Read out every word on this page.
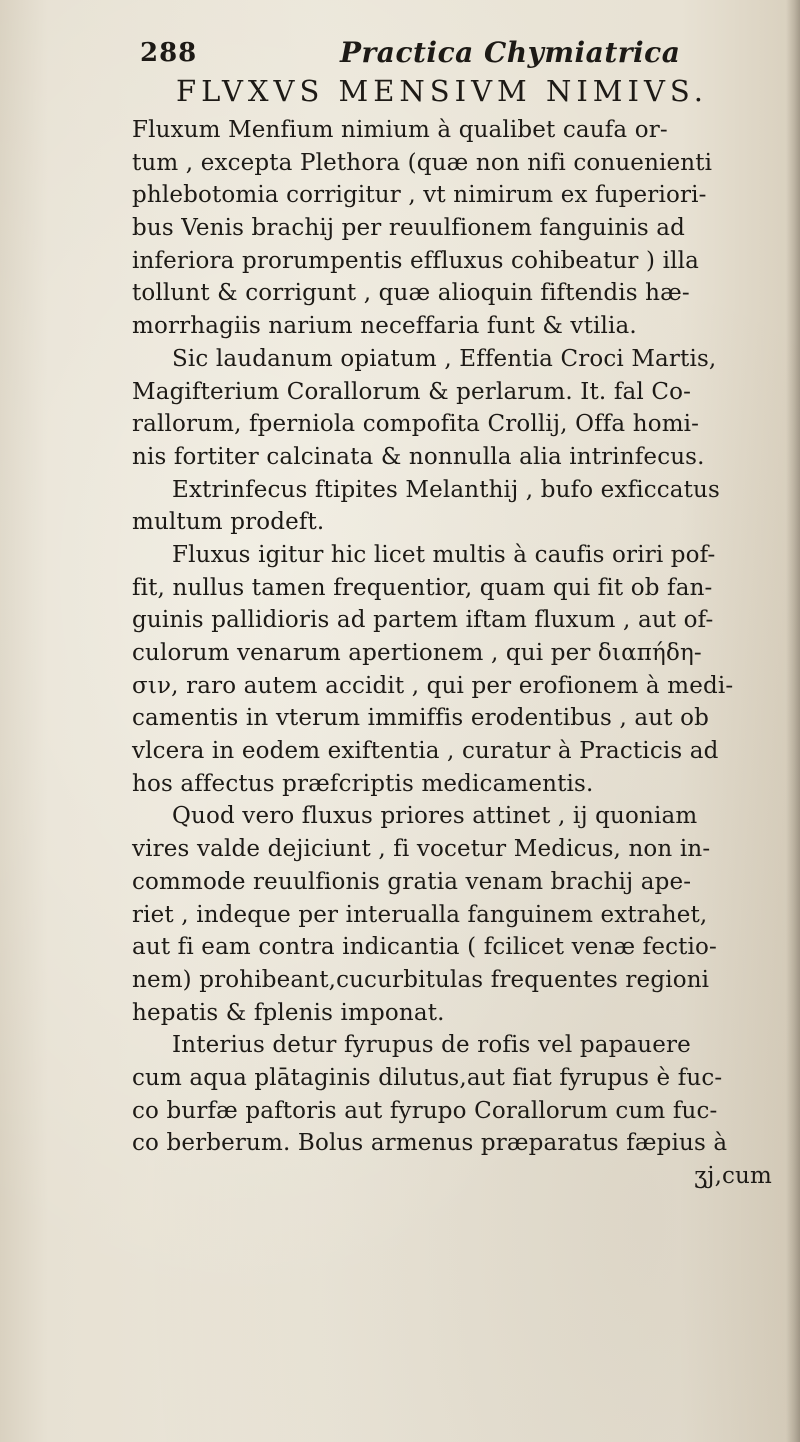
288	Practica Chymiatrica
FLVXVS MENSIVM NIMIVS.
Fluxum Menfium nimium à qualibet caufa or-
tum , excepta Plethora (quæ non nifi conuenienti
phlebotomia corrigitur , vt nimirum ex fuperiori-
bus Venis brachij per reuulfionem fanguinis ad
inferiora prorumpentis effluxus cohibeatur ) illa
tollunt & corrigunt , quæ alioquin fiftendis hæ-
morrhagiis narium neceffaria funt & vtilia.
Sic laudanum opiatum , Effentia Croci Martis,
Magifterium Corallorum & perlarum. It. fal Co-
rallorum, fperniola compofita Crollij, Offa homi-
nis fortiter calcinata & nonnulla alia intrinfecus.
Extrinfecus ftipites Melanthij , bufo exficcatus
multum prodeft.
Fluxus igitur hic licet multis à caufis oriri pof-
fit, nullus tamen frequentior, quam qui fit ob fan-
guinis pallidioris ad partem iftam fluxum , aut of-
culorum venarum apertionem , qui per διαπήδη-
σιν, raro autem accidit , qui per erofionem à medi-
camentis in vterum immiffis erodentibus , aut ob
vlcera in eodem exiftentia , curatur à Practicis ad
hos affectus præfcriptis medicamentis.
Quod vero fluxus priores attinet , ij quoniam
vires valde dejiciunt , fi vocetur Medicus, non in-
commode reuulfionis gratia venam brachij ape-
riet , indeque per interualla fanguinem extrahet,
aut fi eam contra indicantia ( fcilicet venæ fectio-
nem) prohibeant,cucurbitulas frequentes regioni
hepatis & fplenis imponat.
Interius detur fyrupus de rofis vel papauere
cum aqua plātaginis dilutus,aut fiat fyrupus è fuc-
co burfæ paftoris aut fyrupo Corallorum cum fuc-
co berberum. Bolus armenus præparatus fæpius à
ʒj,cum
